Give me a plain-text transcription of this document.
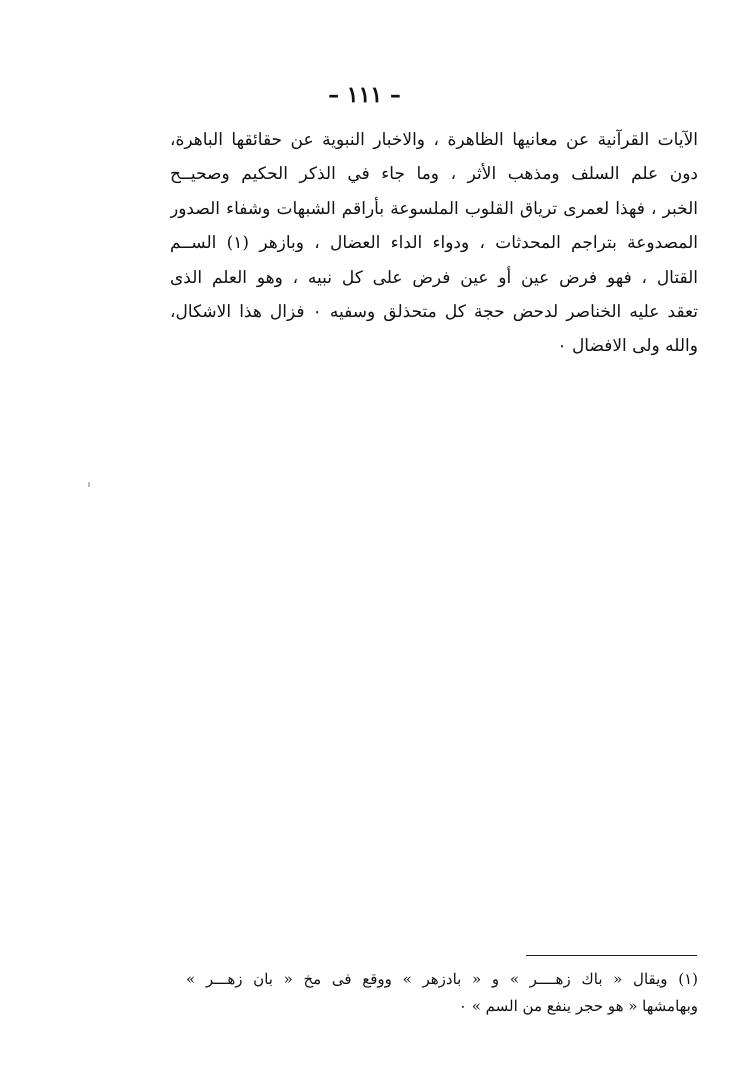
– ١١١ –
الآيات القرآنية عن معانيها الظاهرة ، والاخبار النبوية عن حقائقها الباهرة،
دون علم السلف ومذهب الأثر ، وما جاء في الذكر الحكيم وصحيــح
الخبر ، فهذا لعمرى ترياق القلوب الملسوعة بأراقم الشبهات وشفاء الصدور
المصدوعة بتراجم المحدثات ، ودواء الداء العضال ، وبازهر (١) الســم
القتال ، فهو فرض عين أو عين فرض على كل نبيه ، وهو العلم الذى
تعقد عليه الخناصر لدحض حجة كل متحذلق وسفيه ٠ فزال هذا الاشكال،
والله ولى الافضال ٠
(١) ويقال « باك زهــــر » و « بادزهر » ووقع فى مخ « بان زهـــر »
وبهامشها « هو حجر ينفع من السم » ٠
